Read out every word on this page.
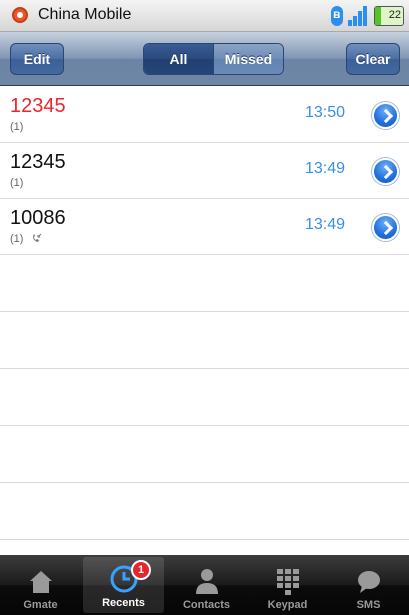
China Mobile ʙ	22
Edit	All	Missed	Clear
12345
(1)
13:50
12345
(1)
13:49
10086
(1)
13:49
Gmate
1
Recents	Contacts	Keypad	SMS
